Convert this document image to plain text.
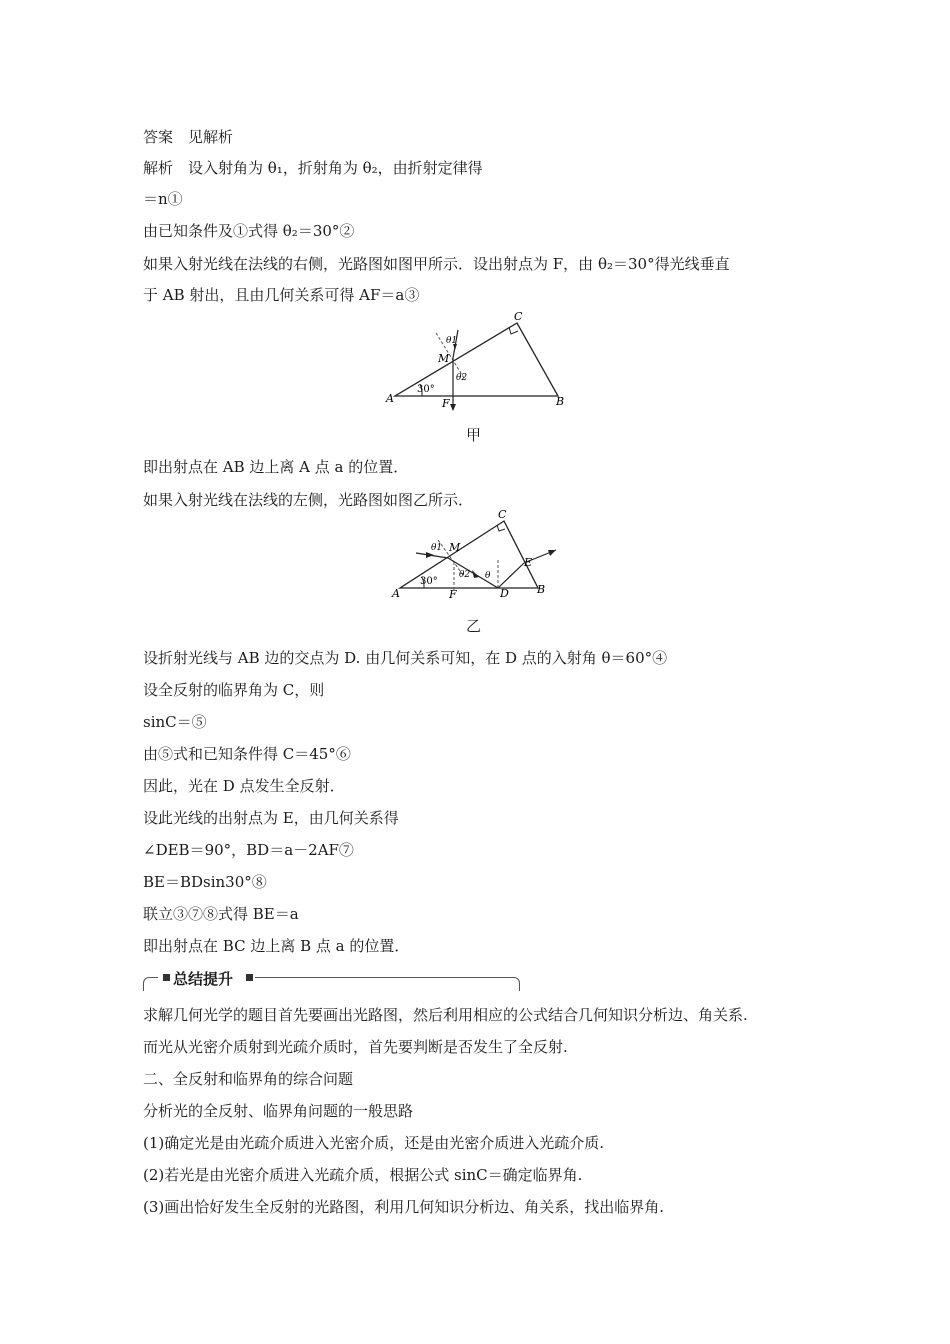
答案　见解析
解析　设入射角为 θ₁，折射角为 θ₂，由折射定律得
＝n①
由已知条件及①式得 θ₂＝30°②
如果入射光线在法线的右侧，光路图如图甲所示．设出射点为 F，由 θ₂＝30°得光线垂直
于 AB 射出，且由几何关系可得 AF＝a③
A	B
C
F
M
θ1
θ2
30°
甲
即出射点在 AB 边上离 A 点 a 的位置．
如果入射光线在法线的左侧，光路图如图乙所示．
A	B
C
D
E
F
M
θ1
θ2 θ
30°
乙
设折射光线与 AB 边的交点为 D. 由几何关系可知，在 D 点的入射角 θ＝60°④
设全反射的临界角为 C，则
sinC＝⑤
由⑤式和已知条件得 C＝45°⑥
因此，光在 D 点发生全反射．
设此光线的出射点为 E，由几何关系得
∠DEB＝90°，BD＝a－2AF⑦
BE＝BDsin30°⑧
联立③⑦⑧式得 BE＝a
即出射点在 BC 边上离 B 点 a 的位置．
总结提升
求解几何光学的题目首先要画出光路图，然后利用相应的公式结合几何知识分析边、角关系.
而光从光密介质射到光疏介质时，首先要判断是否发生了全反射.
二、全反射和临界角的综合问题
分析光的全反射、临界角问题的一般思路
(1)确定光是由光疏介质进入光密介质，还是由光密介质进入光疏介质.
(2)若光是由光密介质进入光疏介质，根据公式 sinC＝确定临界角.
(3)画出恰好发生全反射的光路图，利用几何知识分析边、角关系，找出临界角.
